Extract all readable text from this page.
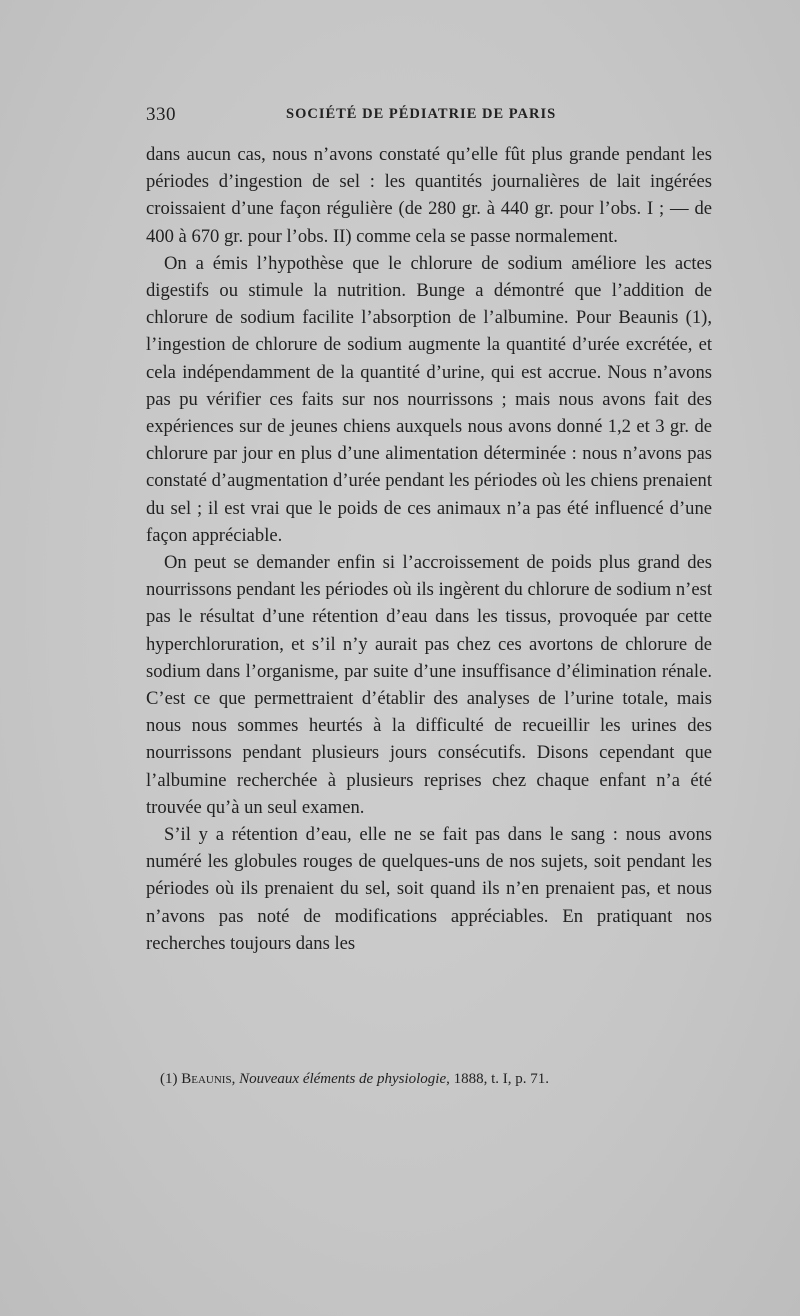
330	SOCIÉTÉ DE PÉDIATRIE DE PARIS

dans aucun cas, nous n’avons constaté qu’elle fût plus grande pendant les périodes d’ingestion de sel : les quantités journalières de lait ingérées croissaient d’une façon régulière (de 280 gr. à 440 gr. pour l’obs. I ; — de 400 à 670 gr. pour l’obs. II) comme cela se passe normalement.

On a émis l’hypothèse que le chlorure de sodium améliore les actes digestifs ou stimule la nutrition. Bunge a démontré que l’addition de chlorure de sodium facilite l’absorption de l’albumine. Pour Beaunis (1), l’ingestion de chlorure de sodium augmente la quantité d’urée excrétée, et cela indépendamment de la quantité d’urine, qui est accrue. Nous n’avons pas pu vérifier ces faits sur nos nourrissons ; mais nous avons fait des expériences sur de jeunes chiens auxquels nous avons donné 1,2 et 3 gr. de chlorure par jour en plus d’une alimentation déterminée : nous n’avons pas constaté d’augmentation d’urée pendant les périodes où les chiens prenaient du sel ; il est vrai que le poids de ces animaux n’a pas été influencé d’une façon appréciable.

On peut se demander enfin si l’accroissement de poids plus grand des nourrissons pendant les périodes où ils ingèrent du chlorure de sodium n’est pas le résultat d’une rétention d’eau dans les tissus, provoquée par cette hyperchloruration, et s’il n’y aurait pas chez ces avortons de chlorure de sodium dans l’organisme, par suite d’une insuffisance d’élimination rénale. C’est ce que permettraient d’établir des analyses de l’urine totale, mais nous nous sommes heurtés à la difficulté de recueillir les urines des nourrissons pendant plusieurs jours consécutifs. Disons cependant que l’albumine recherchée à plusieurs reprises chez chaque enfant n’a été trouvée qu’à un seul examen.

S’il y a rétention d’eau, elle ne se fait pas dans le sang : nous avons numéré les globules rouges de quelques-uns de nos sujets, soit pendant les périodes où ils prenaient du sel, soit quand ils n’en prenaient pas, et nous n’avons pas noté de modifications appréciables. En pratiquant nos recherches toujours dans les

(1) Beaunis, Nouveaux éléments de physiologie, 1888, t. I, p. 71.
